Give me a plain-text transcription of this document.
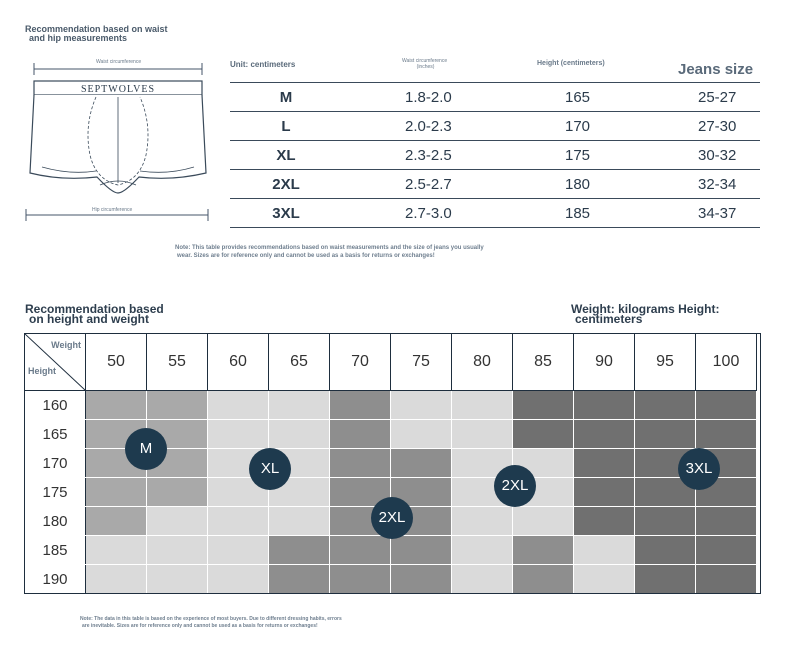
Recommendation based on waist
and hip measurements
Waist circumference
SEPTWOLVES
Hip circumference
Unit: centimeters	Waist circumference
(inches)	Height (centimeters)	Jeans size
M	1.8-2.0	165	25-27
L	2.0-2.3	170	27-30
XL	2.3-2.5	175	30-32
2XL	2.5-2.7	180	32-34
3XL	2.7-3.0	185	34-37
Note: This table provides recommendations based on waist measurements and the size of jeans you usually
wear. Sizes are for reference only and cannot be used as a basis for returns or exchanges!
Recommendation based
on height and weight
Weight: kilograms Height:
centimeters
Weight
Height	50	55	60	65	70	75	80	85	90	95	100
160											
165											
170											
175											
180											
185											
190											
M
XL
2XL
2XL
3XL
Note: The data in this table is based on the experience of most buyers. Due to different dressing habits, errors
are inevitable. Sizes are for reference only and cannot be used as a basis for returns or exchanges!
